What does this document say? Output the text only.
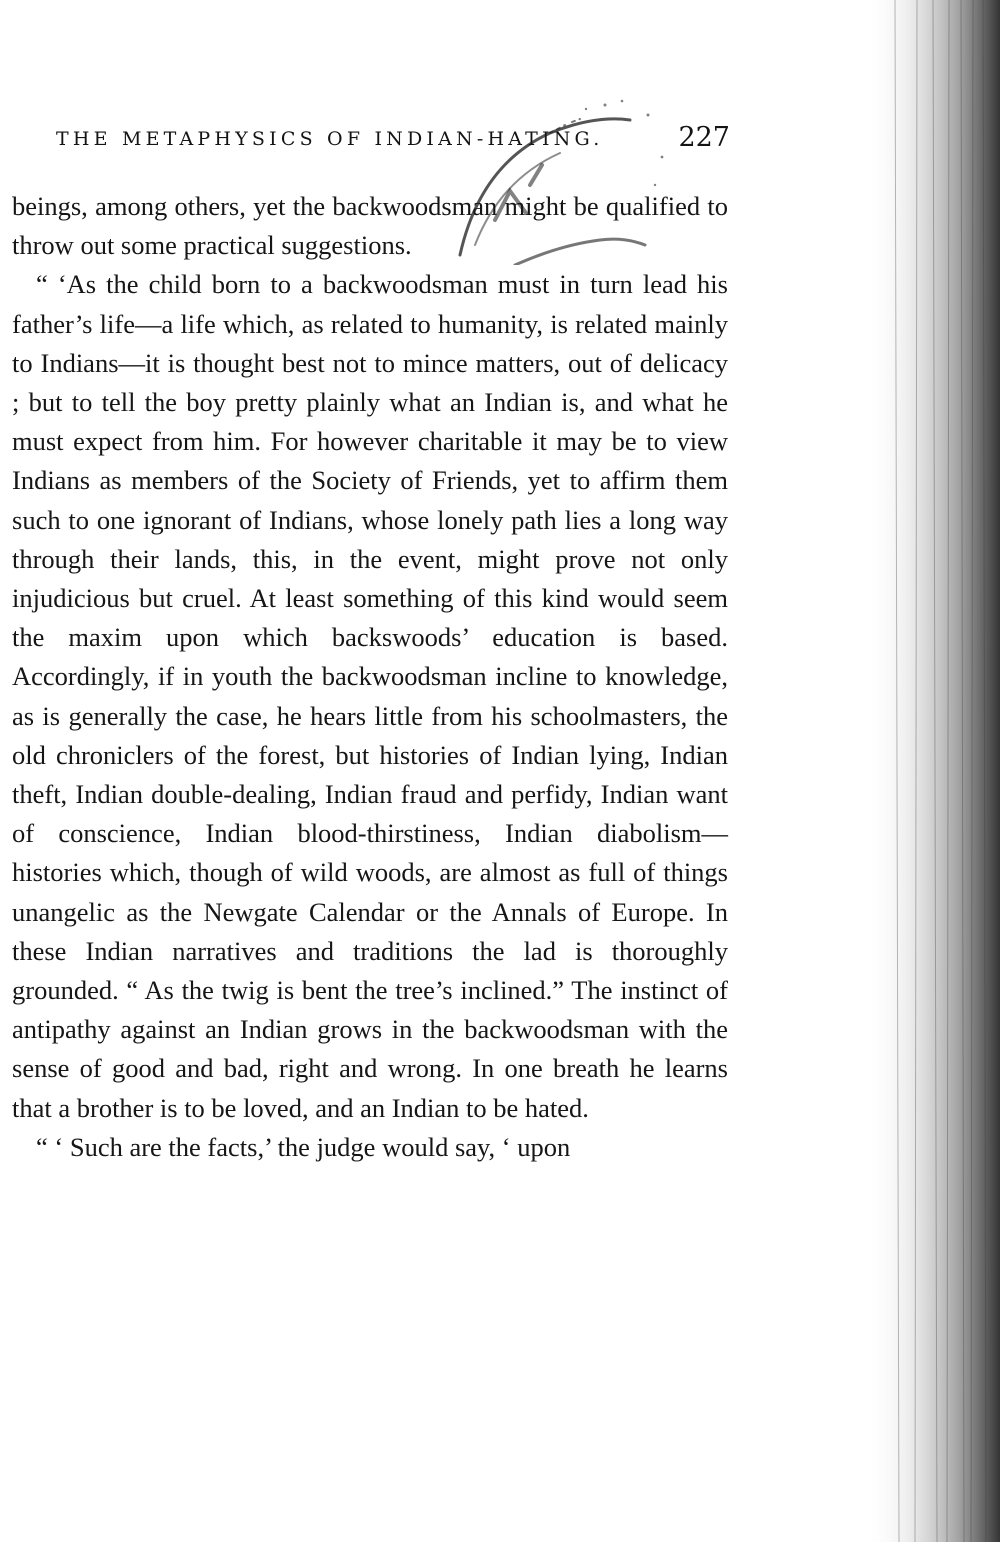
THE METAPHYSICS OF INDIAN-HATING.	227

beings, among others, yet the backwoodsman might be qualified to throw out some practical suggestions.

“ ‘As the child born to a backwoodsman must in turn lead his father’s life—a life which, as related to humanity, is related mainly to Indians—it is thought best not to mince matters, out of delicacy ; but to tell the boy pretty plainly what an Indian is, and what he must expect from him. For however charitable it may be to view Indians as members of the Society of Friends, yet to affirm them such to one ignorant of Indians, whose lonely path lies a long way through their lands, this, in the event, might prove not only injudicious but cruel. At least something of this kind would seem the maxim upon which backswoods’ education is based. Accordingly, if in youth the backwoodsman incline to knowledge, as is generally the case, he hears little from his schoolmasters, the old chroniclers of the forest, but histories of Indian lying, Indian theft, Indian double-dealing, Indian fraud and perfidy, Indian want of conscience, Indian blood-thirstiness, Indian diabolism—histories which, though of wild woods, are almost as full of things unangelic as the Newgate Calendar or the Annals of Europe. In these Indian narratives and traditions the lad is thoroughly grounded. “ As the twig is bent the tree’s inclined.” The instinct of antipathy against an Indian grows in the backwoodsman with the sense of good and bad, right and wrong. In one breath he learns that a brother is to be loved, and an Indian to be hated.

“ ‘ Such are the facts,’ the judge would say, ‘ upon
